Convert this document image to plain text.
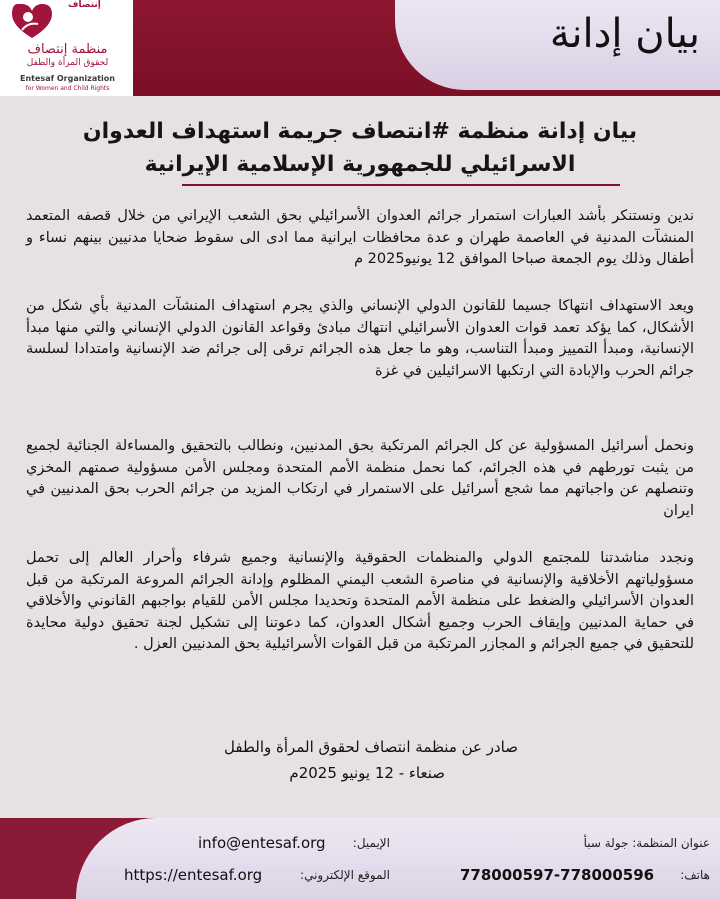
بيان إدانة
إنتصاف
منظمة إنتصاف
لحقوق المرأة والطفل
Entesaf Organization
for Women and Child Rights
بيان إدانة منظمة #انتصاف جريمة استهداف العدوان الاسرائيلي للجمهورية الإسلامية الإيرانية

ندين ونستنكر بأشد العبارات استمرار جرائم العدوان الأسرائيلي بحق الشعب الإيراني من خلال قصفه المتعمد المنشآت المدنية في العاصمة طهران و عدة محافظات ايرانية مما ادى الى سقوط ضحايا مدنيين بينهم نساء و أطفال وذلك يوم الجمعة صباحا الموافق 12 يونيو2025 م

ويعد الاستهداف انتهاكا جسيما للقانون الدولي الإنساني والذي يجرم استهداف المنشآت المدنية بأي شكل من الأشكال، كما يؤكد تعمد قوات العدوان الأسرائيلي انتهاك مبادئ وقواعد القانون الدولي الإنساني والتي منها مبدأ الإنسانية، ومبدأ التمييز ومبدأ التناسب، وهو ما جعل هذه الجرائم ترقى إلى جرائم ضد الإنسانية وامتدادا لسلسة جرائم الحرب والإبادة التي ارتكبها الاسرائيلين في غزة

ونحمل أسرائيل المسؤولية عن كل الجرائم المرتكبة بحق المدنيين، ونطالب بالتحقيق والمساءلة الجنائية لجميع من يثبت تورطهم في هذه الجرائم، كما نحمل منظمة الأمم المتحدة ومجلس الأمن مسؤولية صمتهم المخزي وتنصلهم عن واجباتهم مما شجع أسرائيل على الاستمرار في ارتكاب المزيد من جرائم الحرب بحق المدنيين في ايران

ونجدد مناشدتنا للمجتمع الدولي والمنظمات الحقوقية والإنسانية وجميع شرفاء وأحرار العالم إلى تحمل مسؤولياتهم الأخلاقية والإنسانية في مناصرة الشعب اليمني المظلوم وإدانة الجرائم المروعة المرتكبة من قبل العدوان الأسرائيلي والضغط على منظمة الأمم المتحدة وتحديدا مجلس الأمن للقيام بواجبهم القانوني والأخلاقي في حماية المدنيين وإيقاف الحرب وجميع أشكال العدوان، كما دعوتنا إلى تشكيل لجنة تحقيق دولية محايدة للتحقيق في جميع الجرائم و المجازر المرتكبة من قبل القوات الأسرائيلية بحق المدنيين العزل .

صادر عن منظمة انتصاف لحقوق المرأة والطفل
صنعاء - 12 يونيو 2025م
عنوان المنظمة: جولة سبأ
هاتف:
778000597-778000596
الإيميل:
info@entesaf.org
الموقع الإلكتروني:
https://entesaf.org
